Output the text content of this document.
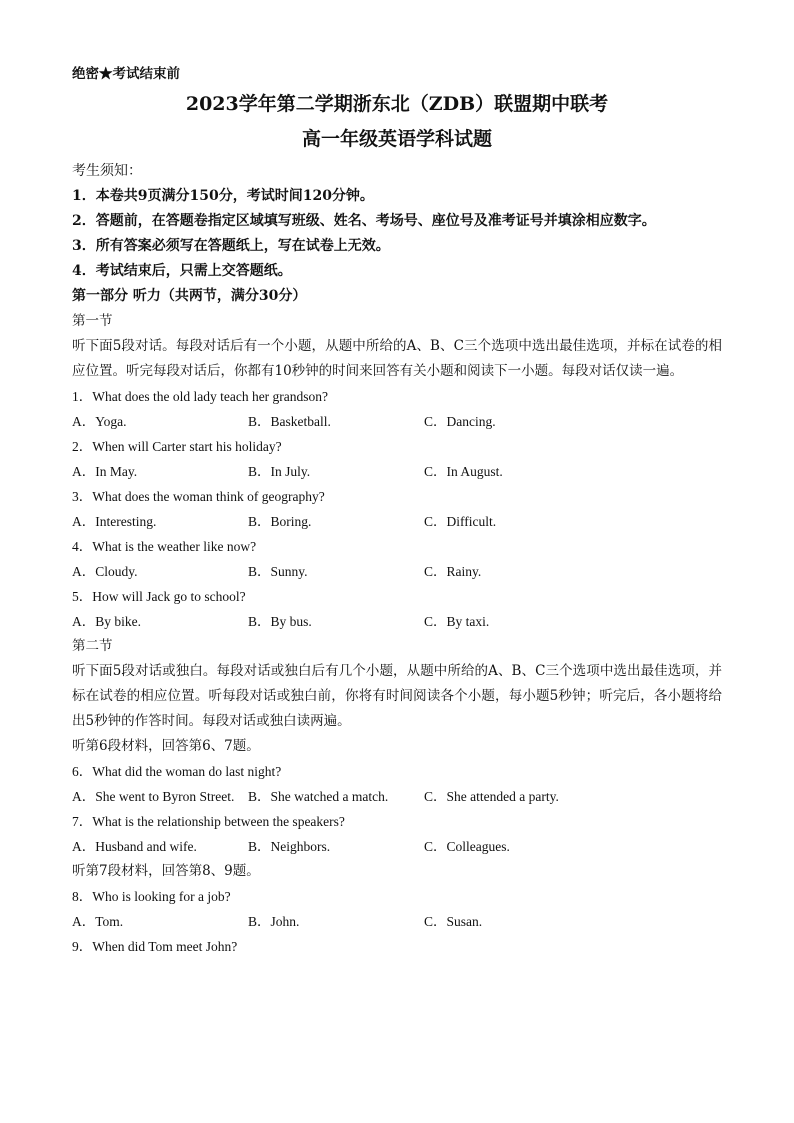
绝密★考试结束前
2023学年第二学期浙东北（ZDB）联盟期中联考
高一年级英语学科试题
考生须知：
1．本卷共9页满分150分，考试时间120分钟。
2．答题前，在答题卷指定区域填写班级、姓名、考场号、座位号及准考证号并填涂相应数字。
3．所有答案必须写在答题纸上，写在试卷上无效。
4．考试结束后，只需上交答题纸。
第一部分 听力（共两节，满分30分）
第一节
听下面5段对话。每段对话后有一个小题，从题中所给的A、B、C三个选项中选出最佳选项，并标在试卷的相应位置。听完每段对话后，你都有10秒钟的时间来回答有关小题和阅读下一小题。每段对话仅读一遍。
1．What does the old lady teach her grandson?
A．Yoga.	B．Basketball.	C．Dancing.
2．When will Carter start his holiday?
A．In May.	B．In July.	C．In August.
3．What does the woman think of geography?
A．Interesting.	B．Boring.	C．Difficult.
4．What is the weather like now?
A．Cloudy.	B．Sunny.	C．Rainy.
5．How will Jack go to school?
A．By bike.	B．By bus.	C．By taxi.
第二节
听下面5段对话或独白。每段对话或独白后有几个小题，从题中所给的A、B、C三个选项中选出最佳选项，并标在试卷的相应位置。听每段对话或独白前，你将有时间阅读各个小题，每小题5秒钟；听完后，各小题将给出5秒钟的作答时间。每段对话或独白读两遍。
听第6段材料，回答第6、7题。
6．What did the woman do last night?
A．She went to Byron Street.	B．She watched a match.	C．She attended a party.
7．What is the relationship between the speakers?
A．Husband and wife.	B．Neighbors.	C．Colleagues.
听第7段材料，回答第8、9题。
8．Who is looking for a job?
A．Tom.	B．John.	C．Susan.
9．When did Tom meet John?
